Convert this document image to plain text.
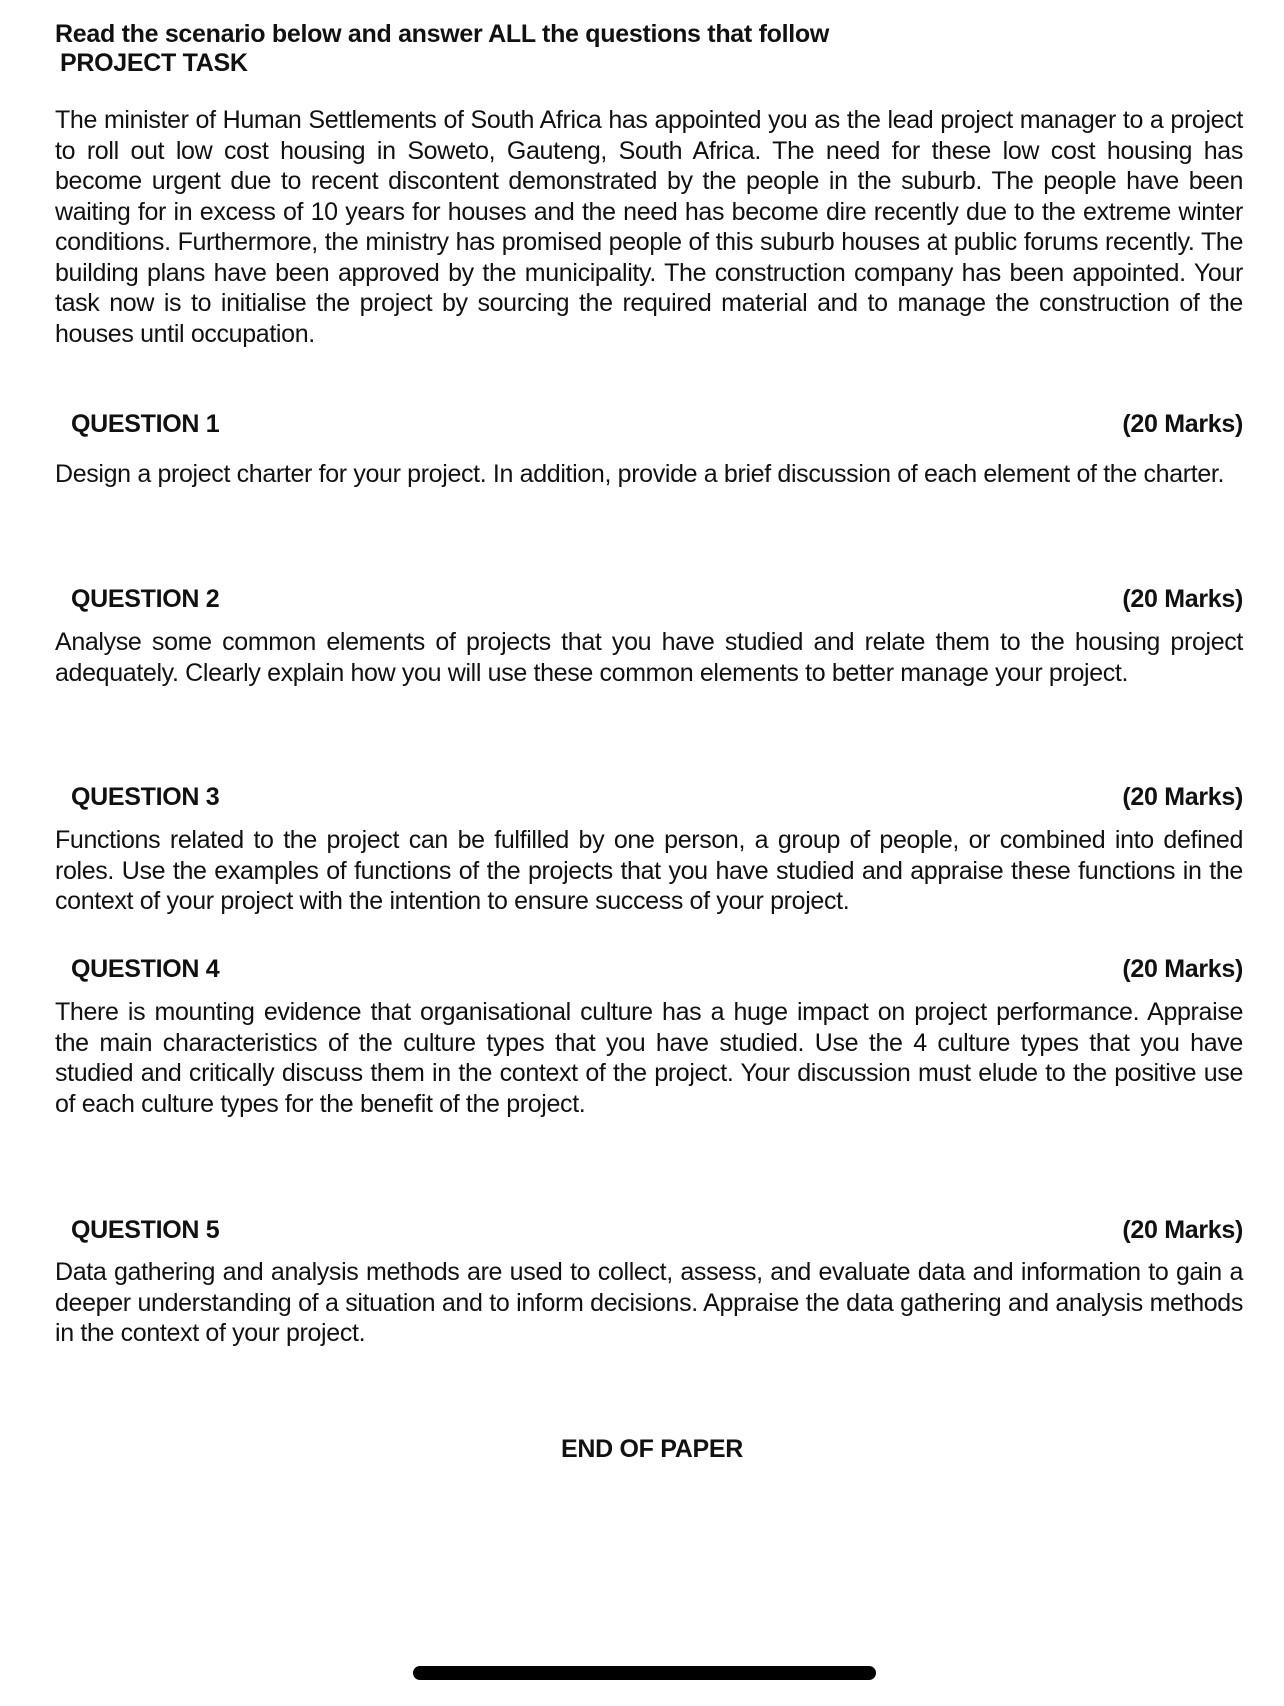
Read the scenario below and answer ALL the questions that follow
PROJECT TASK

The minister of Human Settlements of South Africa has appointed you as the lead project manager to a project to roll out low cost housing in Soweto, Gauteng, South Africa. The need for these low cost housing has become urgent due to recent discontent demonstrated by the people in the suburb. The people have been waiting for in excess of 10 years for houses and the need has become dire recently due to the extreme winter conditions. Furthermore, the ministry has promised people of this suburb houses at public forums recently. The building plans have been approved by the municipality. The construction company has been appointed. Your task now is to initialise the project by sourcing the required material and to manage the construction of the houses until occupation.

QUESTION 1	(20 Marks)

Design a project charter for your project. In addition, provide a brief discussion of each element of the charter.

QUESTION 2	(20 Marks)

Analyse some common elements of projects that you have studied and relate them to the housing project adequately. Clearly explain how you will use these common elements to better manage your project.

QUESTION 3	(20 Marks)

Functions related to the project can be fulfilled by one person, a group of people, or combined into defined roles. Use the examples of functions of the projects that you have studied and appraise these functions in the context of your project with the intention to ensure success of your project.

QUESTION 4	(20 Marks)

There is mounting evidence that organisational culture has a huge impact on project performance. Appraise the main characteristics of the culture types that you have studied. Use the 4 culture types that you have studied and critically discuss them in the context of the project. Your discussion must elude to the positive use of each culture types for the benefit of the project.

QUESTION 5	(20 Marks)

Data gathering and analysis methods are used to collect, assess, and evaluate data and information to gain a deeper understanding of a situation and to inform decisions. Appraise the data gathering and analysis methods in the context of your project.

END OF PAPER
